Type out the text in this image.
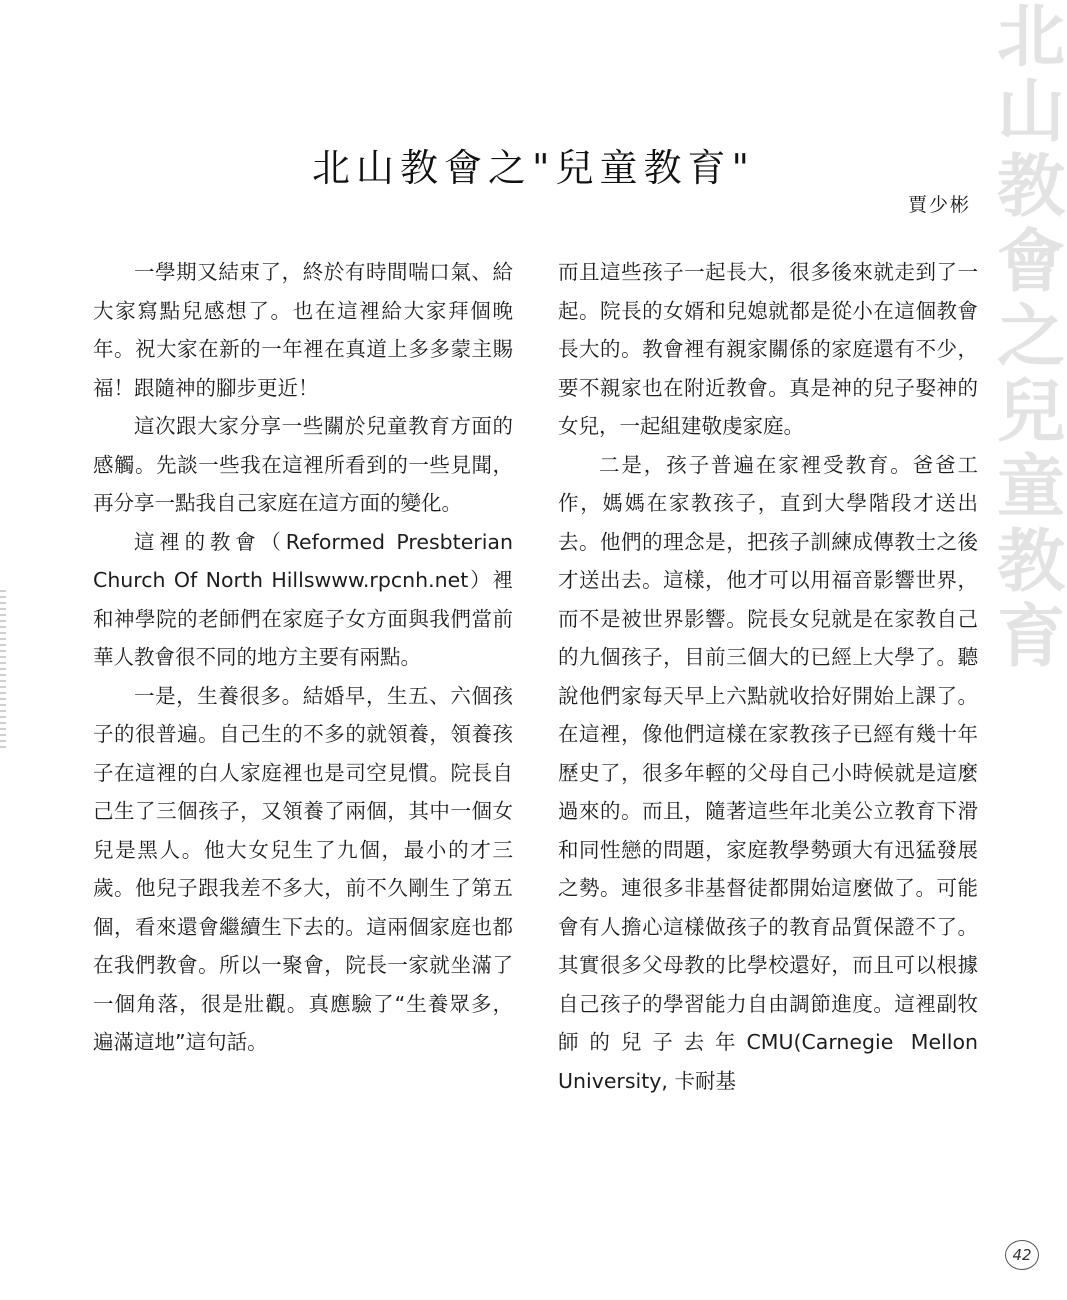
北
山
教
會
之
兒
童
教
育
北山教會之"兒童教育"
賈少彬

一學期又結束了，終於有時間喘口氣、給大家寫點兒感想了。也在這裡給大家拜個晚年。祝大家在新的一年裡在真道上多多蒙主賜福！跟隨神的腳步更近！

這次跟大家分享一些關於兒童教育方面的感觸。先談一些我在這裡所看到的一些見聞，再分享一點我自己家庭在這方面的變化。

這裡的教會（Reformed Presbterian Church Of North Hillswww.rpcnh.net）裡和神學院的老師們在家庭子女方面與我們當前華人教會很不同的地方主要有兩點。

一是，生養很多。結婚早，生五、六個孩子的很普遍。自己生的不多的就領養，領養孩子在這裡的白人家庭裡也是司空見慣。院長自己生了三個孩子，又領養了兩個，其中一個女兒是黑人。他大女兒生了九個，最小的才三歲。他兒子跟我差不多大，前不久剛生了第五個，看來還會繼續生下去的。這兩個家庭也都在我們教會。所以一聚會，院長一家就坐滿了一個角落，很是壯觀。真應驗了“生養眾多，遍滿這地”這句話。

而且這些孩子一起長大，很多後來就走到了一起。院長的女婿和兒媳就都是從小在這個教會長大的。教會裡有親家關係的家庭還有不少，要不親家也在附近教會。真是神的兒子娶神的女兒，一起組建敬虔家庭。

二是，孩子普遍在家裡受教育。爸爸工作，媽媽在家教孩子，直到大學階段才送出去。他們的理念是，把孩子訓練成傳教士之後才送出去。這樣，他才可以用福音影響世界，而不是被世界影響。院長女兒就是在家教自己的九個孩子，目前三個大的已經上大學了。聽說他們家每天早上六點就收拾好開始上課了。在這裡，像他們這樣在家教孩子已經有幾十年歷史了，很多年輕的父母自己小時候就是這麼過來的。而且，隨著這些年北美公立教育下滑和同性戀的問題，家庭教學勢頭大有迅猛發展之勢。連很多非基督徒都開始這麼做了。可能會有人擔心這樣做孩子的教育品質保證不了。其實很多父母教的比學校還好，而且可以根據自己孩子的學習能力自由調節進度。這裡副牧師的兒子去年CMU(Carnegie Mellon University, 卡耐基

42
